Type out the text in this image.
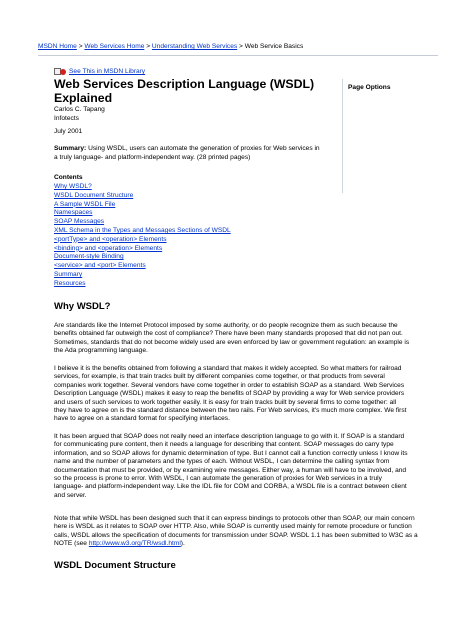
MSDN Home > Web Services Home > Understanding Web Services > Web Service Basics
See This in MSDN Library
Web Services Description Language (WSDL)
Explained
Page Options
Carlos C. Tapang
Infotects
July 2001
Summary: Using WSDL, users can automate the generation of proxies for Web services in
a truly language- and platform-independent way. (28 printed pages)
Contents
Why WSDL?
WSDL Document Structure
A Sample WSDL File
Namespaces
SOAP Messages
XML Schema in the Types and Messages Sections of WSDL
<portType> and <operation> Elements
<binding> and <operation> Elements
Document-style Binding
<service> and <port> Elements
Summary
Resources
Why WSDL?
Are standards like the Internet Protocol imposed by some authority, or do people recognize them as such because the
benefits obtained far outweigh the cost of compliance? There have been many standards proposed that did not pan out.
Sometimes, standards that do not become widely used are even enforced by law or government regulation: an example is
the Ada programming language.
I believe it is the benefits obtained from following a standard that makes it widely accepted. So what matters for railroad
services, for example, is that train tracks built by different companies come together, or that products from several
companies work together. Several vendors have come together in order to establish SOAP as a standard. Web Services
Description Language (WSDL) makes it easy to reap the benefits of SOAP by providing a way for Web service providers
and users of such services to work together easily. It is easy for train tracks built by several firms to come together: all
they have to agree on is the standard distance between the two rails. For Web services, it's much more complex. We first
have to agree on a standard format for specifying interfaces.
It has been argued that SOAP does not really need an interface description language to go with it. If SOAP is a standard
for communicating pure content, then it needs a language for describing that content. SOAP messages do carry type
information, and so SOAP allows for dynamic determination of type. But I cannot call a function correctly unless I know its
name and the number of parameters and the types of each. Without WSDL, I can determine the calling syntax from
documentation that must be provided, or by examining wire messages. Either way, a human will have to be involved, and
so the process is prone to error. With WSDL, I can automate the generation of proxies for Web services in a truly
language- and platform-independent way. Like the IDL file for COM and CORBA, a WSDL file is a contract between client
and server.
Note that while WSDL has been designed such that it can express bindings to protocols other than SOAP, our main concern
here is WSDL as it relates to SOAP over HTTP. Also, while SOAP is currently used mainly for remote procedure or function
calls, WSDL allows the specification of documents for transmission under SOAP. WSDL 1.1 has been submitted to W3C as a
NOTE (see http://www.w3.org/TR/wsdl.html).
WSDL Document Structure
